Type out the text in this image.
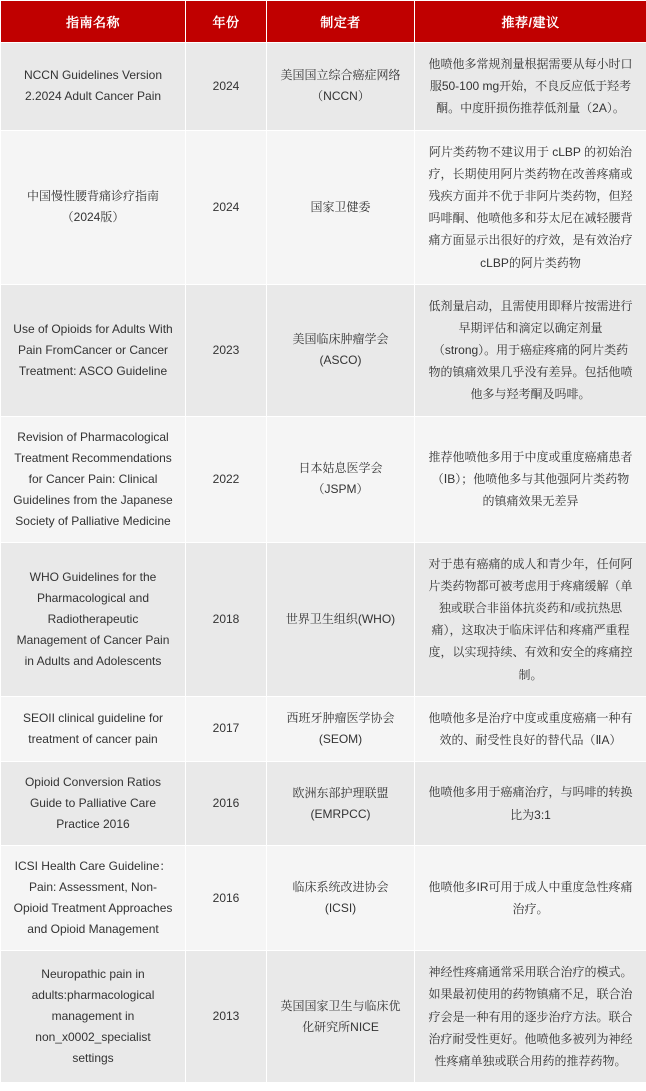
指南名称	年份	制定者	推荐/建议
NCCN Guidelines Version 2.2024 Adult Cancer Pain	2024	美国国立综合癌症网络（NCCN）	他喷他多常规剂量根据需要从每小时口服50-100 mg开始，不良反应低于羟考酮。中度肝损伤推荐低剂量（2A）。
中国慢性腰背痛诊疗指南（2024版）	2024	国家卫健委	阿片类药物不建议用于 cLBP 的初始治疗，长期使用阿片类药物在改善疼痛或残疾方面并不优于非阿片类药物，但羟吗啡酮、他喷他多和芬太尼在减轻腰背痛方面显示出很好的疗效，是有效治疗cLBP的阿片类药物
Use of Opioids for Adults With Pain FromCancer or Cancer Treatment: ASCO Guideline	2023	美国临床肿瘤学会(ASCO)	低剂量启动，且需使用即释片按需进行早期评估和滴定以确定剂量（strong）。用于癌症疼痛的阿片类药物的镇痛效果几乎没有差异。包括他喷他多与羟考酮及吗啡。
Revision of Pharmacological Treatment Recommendations for Cancer Pain: Clinical Guidelines from the Japanese Society of Palliative Medicine	2022	日本姑息医学会（JSPM）	推荐他喷他多用于中度或重度癌痛患者（ⅠB）；他喷他多与其他强阿片类药物的镇痛效果无差异
WHO Guidelines for the Pharmacological and Radiotherapeutic Management of Cancer Pain in Adults and Adolescents	2018	世界卫生组织(WHO)	对于患有癌痛的成人和青少年，任何阿片类药物都可被考虑用于疼痛缓解（单独或联合非甾体抗炎药和/或抗热思痛），这取决于临床评估和疼痛严重程度，以实现持续、有效和安全的疼痛控制。
SEOII clinical guideline for treatment of cancer pain	2017	西班牙肿瘤医学协会(SEOM)	他喷他多是治疗中度或重度癌痛一种有效的、耐受性良好的替代品（ⅡA）
Opioid Conversion Ratios Guide to Palliative Care Practice 2016	2016	欧洲东部护理联盟(EMRPCC)	他喷他多用于癌痛治疗，与吗啡的转换比为3:1
ICSI Health Care Guideline：Pain: Assessment, Non-Opioid Treatment Approaches and Opioid Management	2016	临床系统改进协会(ICSI)	他喷他多IR可用于成人中重度急性疼痛治疗。
Neuropathic pain in adults:pharmacological management in non_x0002_specialist settings	2013	英国国家卫生与临床优化研究所NICE	神经性疼痛通常采用联合治疗的模式。如果最初使用的药物镇痛不足，联合治疗会是一种有用的逐步治疗方法。联合治疗耐受性更好。他喷他多被列为神经性疼痛单独或联合用药的推荐药物。
